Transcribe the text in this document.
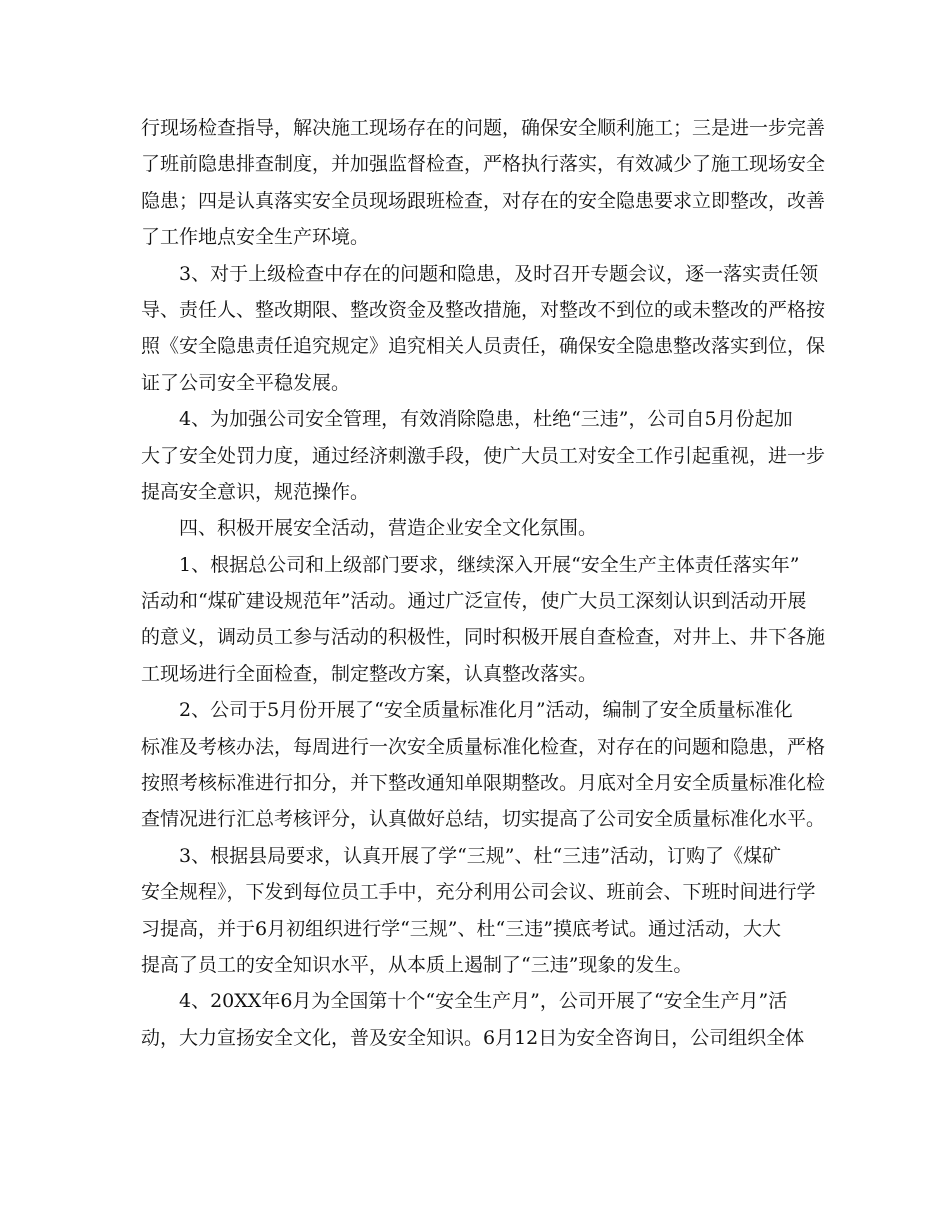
行现场检查指导，解决施工现场存在的问题，确保安全顺利施工；三是进一步完善

了班前隐患排查制度，并加强监督检查，严格执行落实，有效减少了施工现场安全

隐患；四是认真落实安全员现场跟班检查，对存在的安全隐患要求立即整改，改善

了工作地点安全生产环境。

3、对于上级检查中存在的问题和隐患，及时召开专题会议，逐一落实责任领

导、责任人、整改期限、整改资金及整改措施，对整改不到位的或未整改的严格按

照《安全隐患责任追究规定》追究相关人员责任，确保安全隐患整改落实到位，保

证了公司安全平稳发展。

4、为加强公司安全管理，有效消除隐患，杜绝“三违”，公司自5月份起加

大了安全处罚力度，通过经济刺激手段，使广大员工对安全工作引起重视，进一步

提高安全意识，规范操作。

四、积极开展安全活动，营造企业安全文化氛围。

1、根据总公司和上级部门要求，继续深入开展“安全生产主体责任落实年”

活动和“煤矿建设规范年”活动。通过广泛宣传，使广大员工深刻认识到活动开展

的意义，调动员工参与活动的积极性，同时积极开展自查检查，对井上、井下各施

工现场进行全面检查，制定整改方案，认真整改落实。

2、公司于5月份开展了“安全质量标准化月”活动，编制了安全质量标准化

标准及考核办法，每周进行一次安全质量标准化检查，对存在的问题和隐患，严格

按照考核标准进行扣分，并下整改通知单限期整改。月底对全月安全质量标准化检

查情况进行汇总考核评分，认真做好总结，切实提高了公司安全质量标准化水平。

3、根据县局要求，认真开展了学“三规”、杜“三违”活动，订购了《煤矿

安全规程》，下发到每位员工手中，充分利用公司会议、班前会、下班时间进行学

习提高，并于6月初组织进行学“三规”、杜“三违”摸底考试。通过活动，大大

提高了员工的安全知识水平，从本质上遏制了“三违”现象的发生。

4、20XX年6月为全国第十个“安全生产月”，公司开展了“安全生产月”活

动，大力宣扬安全文化，普及安全知识。6月12日为安全咨询日，公司组织全体
